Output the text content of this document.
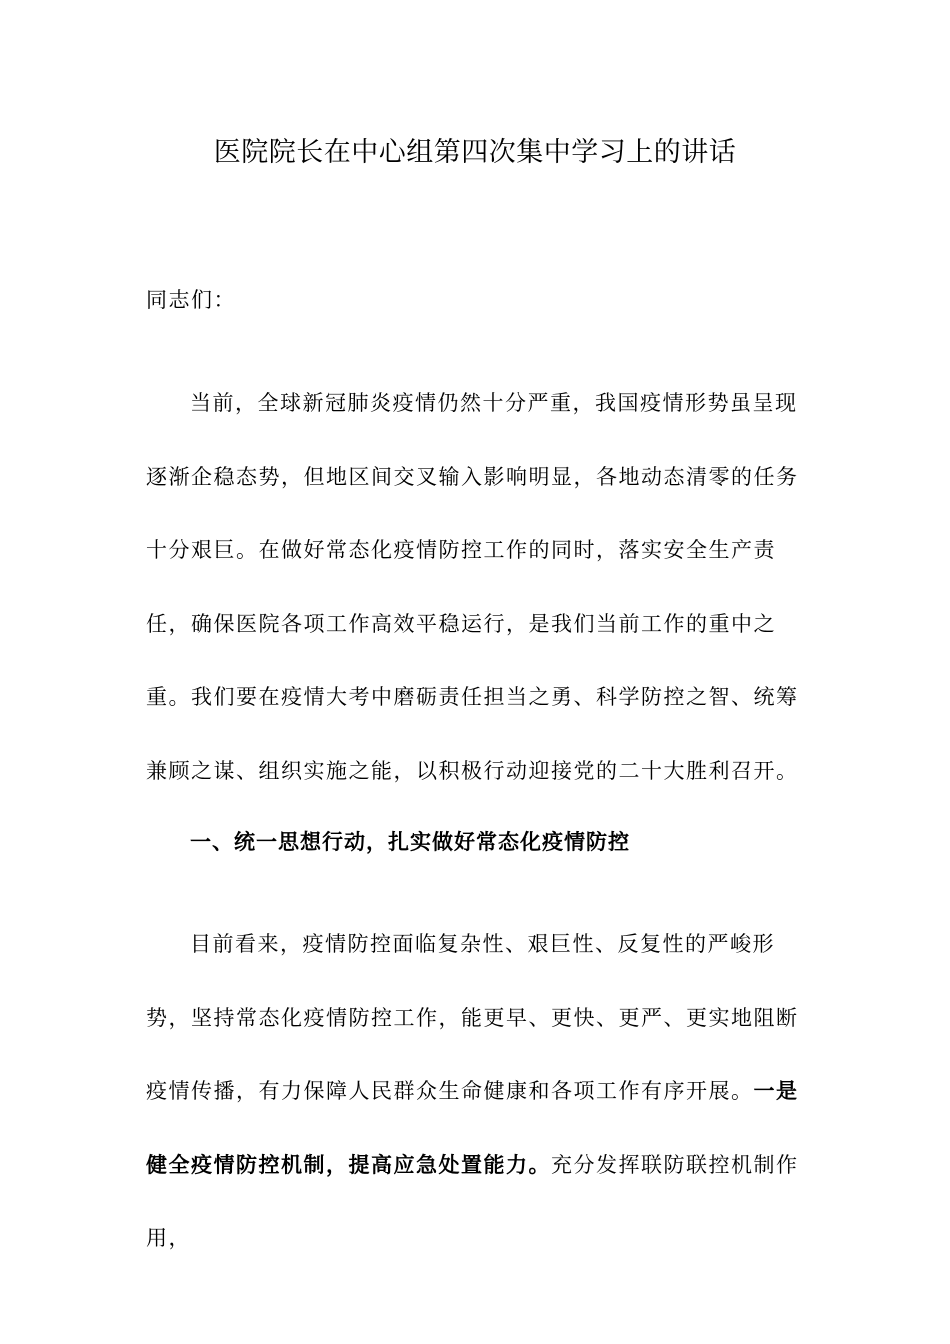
医院院长在中心组第四次集中学习上的讲话
同志们：
当前，全球新冠肺炎疫情仍然十分严重，我国疫情形势虽呈现逐渐企稳态势，但地区间交叉输入影响明显，各地动态清零的任务十分艰巨。在做好常态化疫情防控工作的同时，落实安全生产责任，确保医院各项工作高效平稳运行，是我们当前工作的重中之重。我们要在疫情大考中磨砺责任担当之勇、科学防控之智、统筹兼顾之谋、组织实施之能，以积极行动迎接党的二十大胜利召开。
一、统一思想行动，扎实做好常态化疫情防控
目前看来，疫情防控面临复杂性、艰巨性、反复性的严峻形势，坚持常态化疫情防控工作，能更早、更快、更严、更实地阻断疫情传播，有力保障人民群众生命健康和各项工作有序开展。一是健全疫情防控机制，提高应急处置能力。充分发挥联防联控机制作用，
